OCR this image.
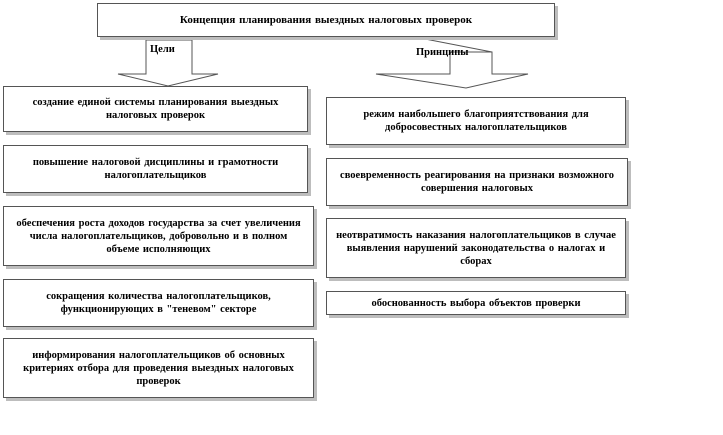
Концепция планирования выездных налоговых проверок
Цели	Принципы
создание единой системы планирования выездных налоговых проверок
повышение налоговой дисциплины и грамотности налогоплательщиков
обеспечения роста доходов государства за счет увеличения числа налогоплательщиков, добровольно и в полном объеме исполняющих
сокращения количества налогоплательщиков, функционирующих в "теневом" секторе
информирования налогоплательщиков об основных критериях отбора для проведения выездных налоговых проверок
режим наибольшего благоприятствования для добросовестных налогоплательщиков
своевременность реагирования на признаки возможного совершения налоговых
неотвратимость наказания налогоплательщиков в случае выявления нарушений законодательства о налогах и сборах
обоснованность выбора объектов проверки
